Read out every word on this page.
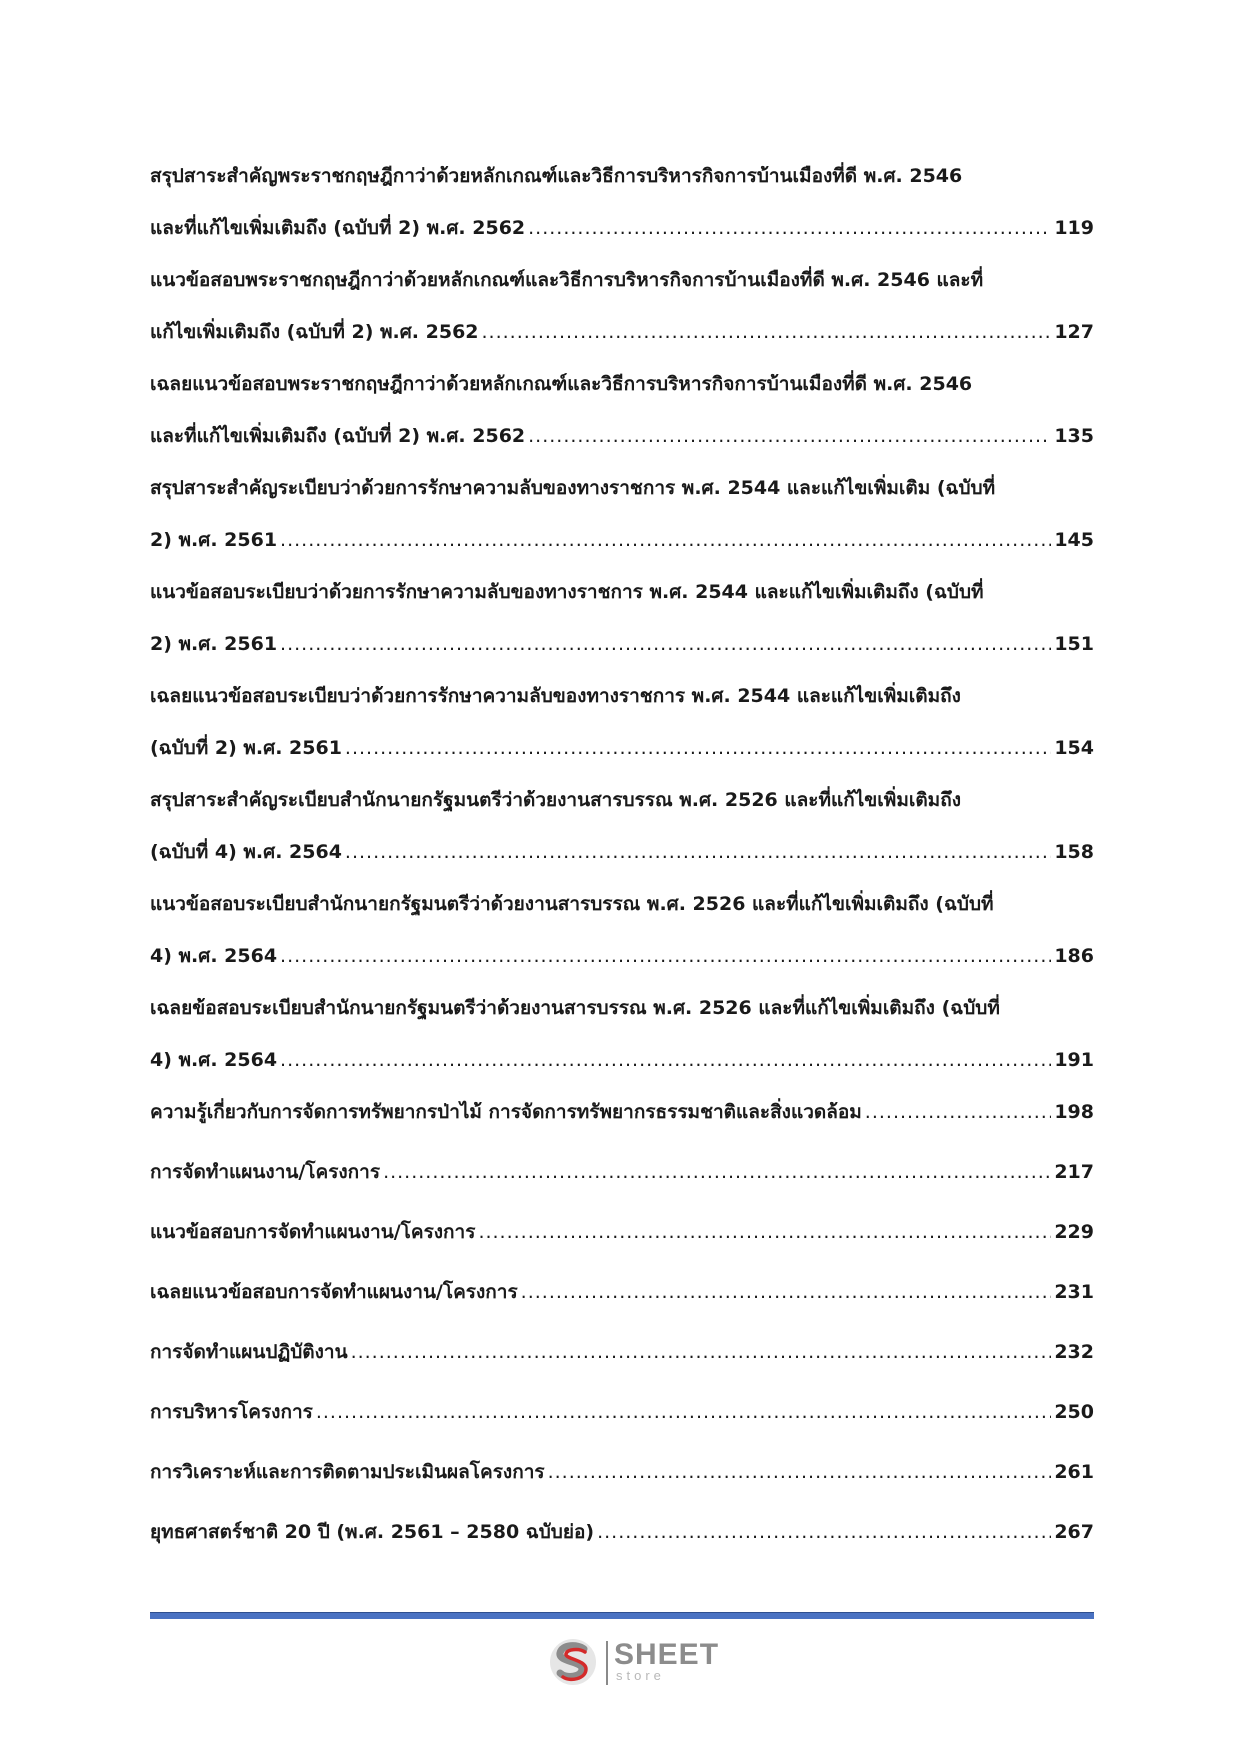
สรุปสาระสำคัญพระราชกฤษฎีกาว่าด้วยหลักเกณฑ์และวิธีการบริหารกิจการบ้านเมืองที่ดี พ.ศ. 2546
และที่แก้ไขเพิ่มเติมถึง (ฉบับที่ 2) พ.ศ. 2562 .....	119
แนวข้อสอบพระราชกฤษฎีกาว่าด้วยหลักเกณฑ์และวิธีการบริหารกิจการบ้านเมืองที่ดี พ.ศ. 2546 และที่
แก้ไขเพิ่มเติมถึง (ฉบับที่ 2) พ.ศ. 2562 .....	127
เฉลยแนวข้อสอบพระราชกฤษฎีกาว่าด้วยหลักเกณฑ์และวิธีการบริหารกิจการบ้านเมืองที่ดี พ.ศ. 2546
และที่แก้ไขเพิ่มเติมถึง (ฉบับที่ 2) พ.ศ. 2562 .....	135
สรุปสาระสำคัญระเบียบว่าด้วยการรักษาความลับของทางราชการ พ.ศ. 2544 และแก้ไขเพิ่มเติม (ฉบับที่
2) พ.ศ. 2561 .....	145
แนวข้อสอบระเบียบว่าด้วยการรักษาความลับของทางราชการ พ.ศ. 2544 และแก้ไขเพิ่มเติมถึง (ฉบับที่
2) พ.ศ. 2561 .....	151
เฉลยแนวข้อสอบระเบียบว่าด้วยการรักษาความลับของทางราชการ พ.ศ. 2544 และแก้ไขเพิ่มเติมถึง
(ฉบับที่ 2) พ.ศ. 2561 .....	154
สรุปสาระสำคัญระเบียบสำนักนายกรัฐมนตรีว่าด้วยงานสารบรรณ พ.ศ. 2526 และที่แก้ไขเพิ่มเติมถึง
(ฉบับที่ 4) พ.ศ. 2564 .....	158
แนวข้อสอบระเบียบสำนักนายกรัฐมนตรีว่าด้วยงานสารบรรณ พ.ศ. 2526 และที่แก้ไขเพิ่มเติมถึง (ฉบับที่
4) พ.ศ. 2564 .....	186
เฉลยข้อสอบระเบียบสำนักนายกรัฐมนตรีว่าด้วยงานสารบรรณ พ.ศ. 2526 และที่แก้ไขเพิ่มเติมถึง (ฉบับที่
4) พ.ศ. 2564 .....	191
ความรู้เกี่ยวกับการจัดการทรัพยากรป่าไม้ การจัดการทรัพยากรธรรมชาติและสิ่งแวดล้อม .....	198
การจัดทำแผนงาน/โครงการ .....	217
แนวข้อสอบการจัดทำแผนงาน/โครงการ .....	229
เฉลยแนวข้อสอบการจัดทำแผนงาน/โครงการ .....	231
การจัดทำแผนปฏิบัติงาน .....	232
การบริหารโครงการ .....	250
การวิเคราะห์และการติดตามประเมินผลโครงการ .....	261
ยุทธศาสตร์ชาติ 20 ปี (พ.ศ. 2561 – 2580 ฉบับย่อ) .....	267
SHEET
store
